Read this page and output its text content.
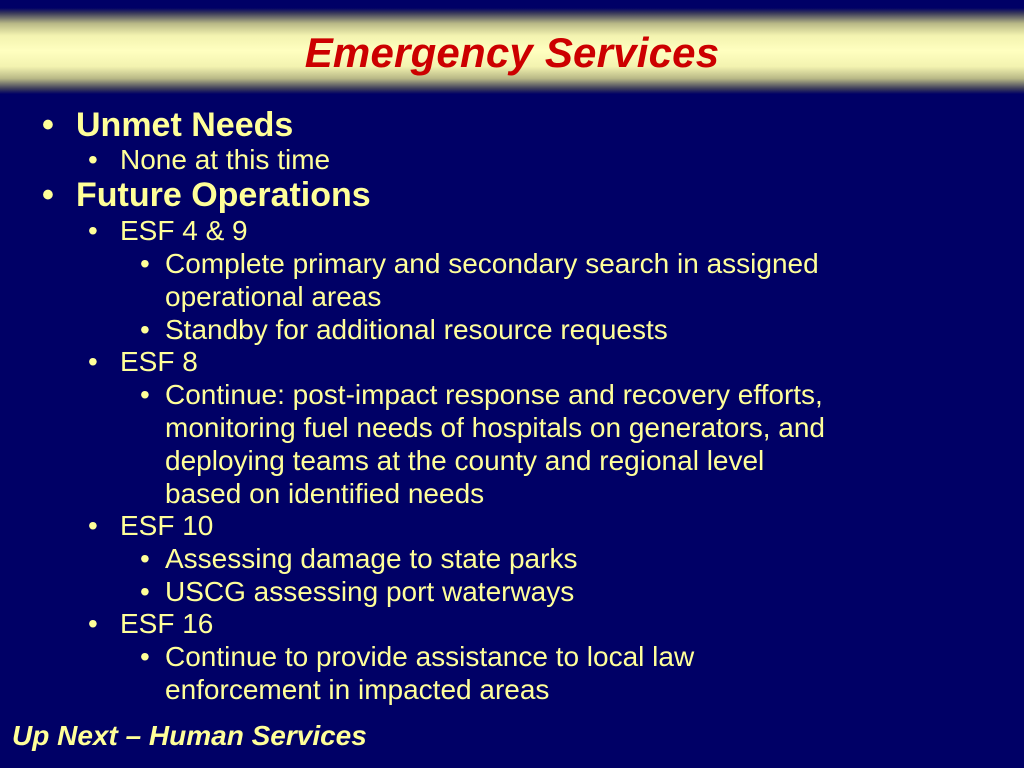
Emergency Services
• Unmet Needs
• None at this time
• Future Operations
• ESF 4 & 9
• Complete primary and secondary search in assigned
operational areas
• Standby for additional resource requests
• ESF 8
• Continue: post-impact response and recovery efforts,
monitoring fuel needs of hospitals on generators, and
deploying teams at the county and regional level
based on identified needs
• ESF 10
• Assessing damage to state parks
• USCG assessing port waterways
• ESF 16
• Continue to provide assistance to local law
enforcement in impacted areas
Up Next – Human Services
